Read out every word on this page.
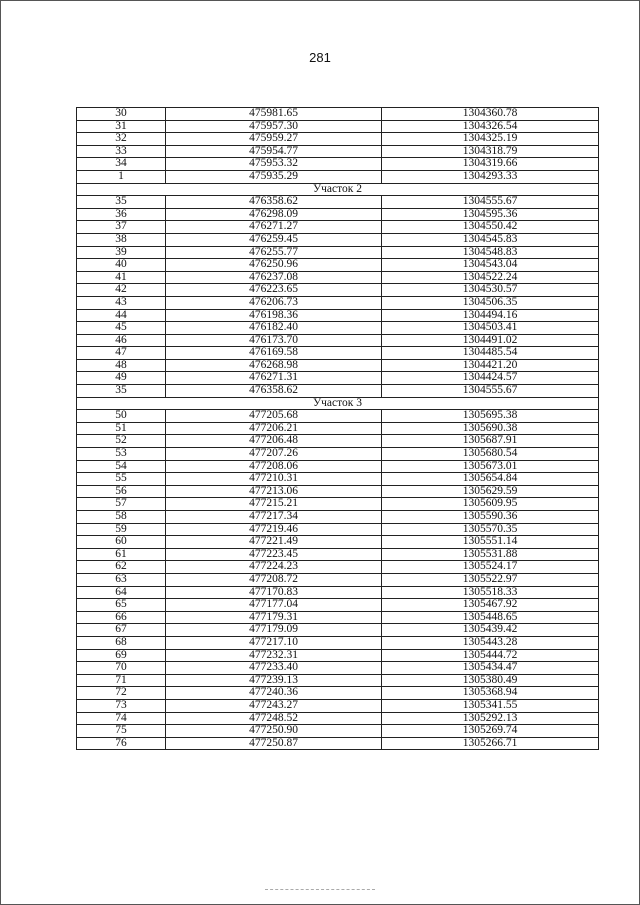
281
30	475981.65	1304360.78
31	475957.30	1304326.54
32	475959.27	1304325.19
33	475954.77	1304318.79
34	475953.32	1304319.66
1	475935.29	1304293.33
Участок 2		
35	476358.62	1304555.67
36	476298.09	1304595.36
37	476271.27	1304550.42
38	476259.45	1304545.83
39	476255.77	1304548.83
40	476250.96	1304543.04
41	476237.08	1304522.24
42	476223.65	1304530.57
43	476206.73	1304506.35
44	476198.36	1304494.16
45	476182.40	1304503.41
46	476173.70	1304491.02
47	476169.58	1304485.54
48	476268.98	1304421.20
49	476271.31	1304424.57
35	476358.62	1304555.67
Участок 3		
50	477205.68	1305695.38
51	477206.21	1305690.38
52	477206.48	1305687.91
53	477207.26	1305680.54
54	477208.06	1305673.01
55	477210.31	1305654.84
56	477213.06	1305629.59
57	477215.21	1305609.95
58	477217.34	1305590.36
59	477219.46	1305570.35
60	477221.49	1305551.14
61	477223.45	1305531.88
62	477224.23	1305524.17
63	477208.72	1305522.97
64	477170.83	1305518.33
65	477177.04	1305467.92
66	477179.31	1305448.65
67	477179.09	1305439.42
68	477217.10	1305443.28
69	477232.31	1305444.72
70	477233.40	1305434.47
71	477239.13	1305380.49
72	477240.36	1305368.94
73	477243.27	1305341.55
74	477248.52	1305292.13
75	477250.90	1305269.74
76	477250.87	1305266.71
